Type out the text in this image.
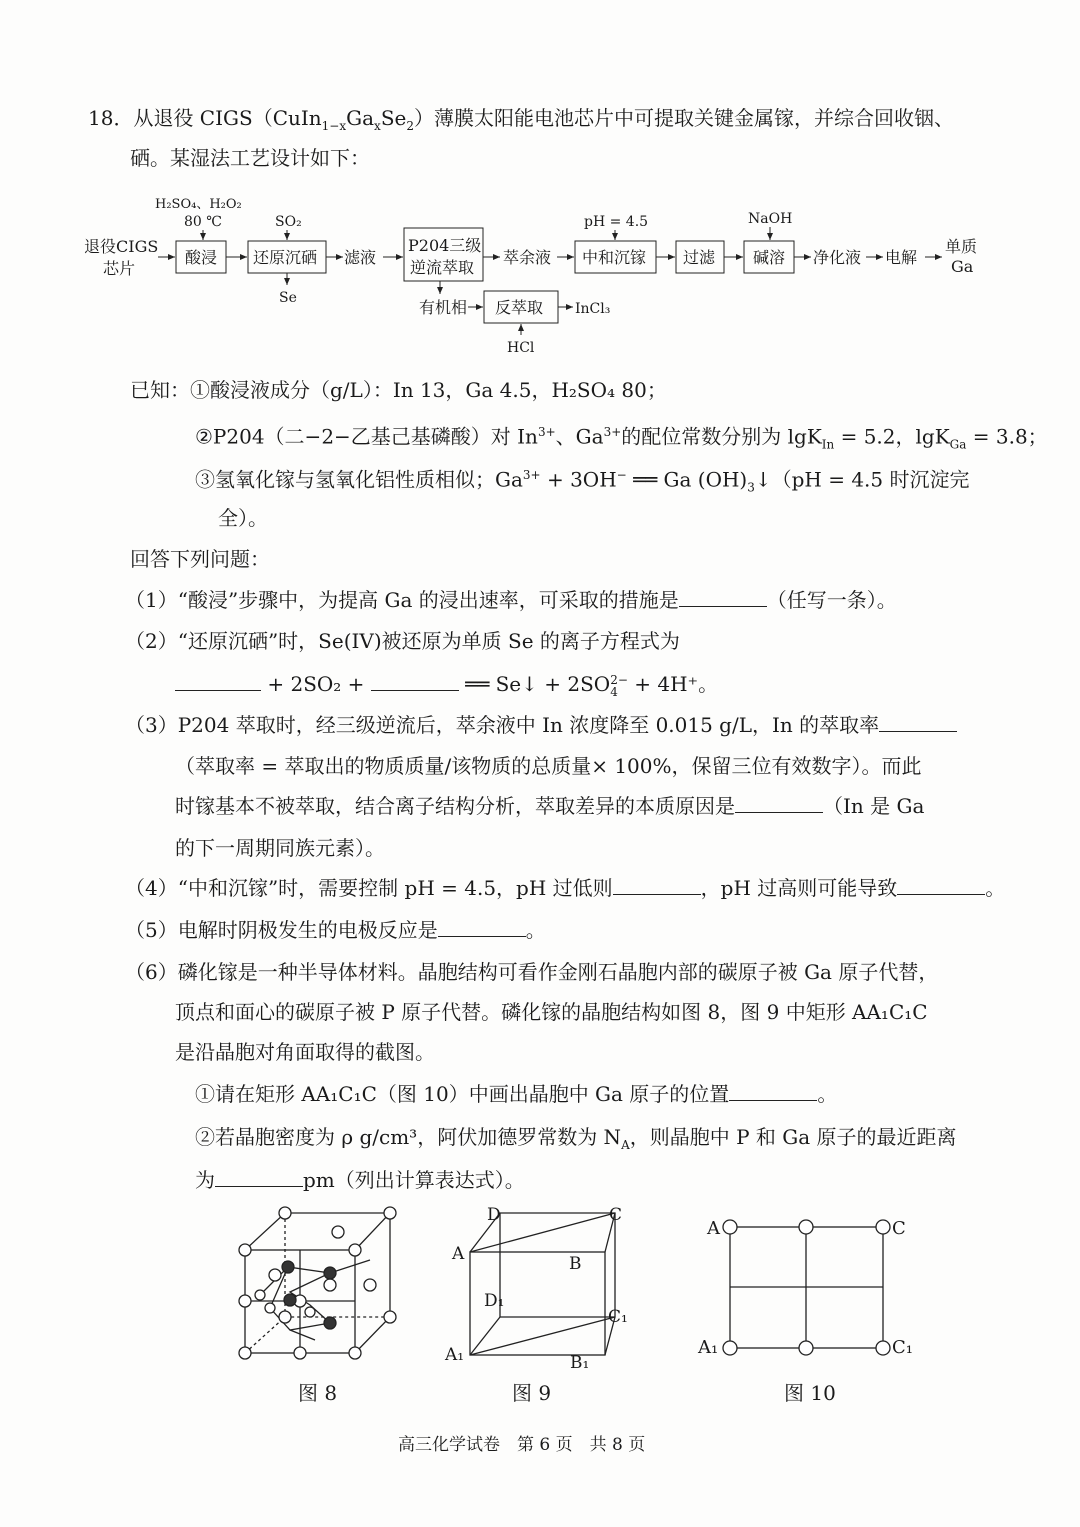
18．从退役 $CIGS(CuIn_{1-x}Ga_xSe_2)$薄膜太阳能电池芯片中可提取关键金属镓，并综合回收铟、
硒。某湿法工艺设计如下：
退役CIGS
芯片
H₂SO₄、H₂O₂
80 ℃
酸浸
SO₂
还原沉硒
Se
滤液
P204三级
逆流萃取
萃余液
pH = 4.5
中和沉镓 过滤
NaOH
碱溶 净化液 电解
单质
Ga
有机相 反萃取 InCl₃
HCl
已知：①酸浸液成分（g/L）：In 13，Ga 4.5，H₂SO₄ 80；
②P204（二−2−乙基己基磷酸）对 $In^{3+}$、$Ga^{3+}$的配位常数分别为 lgK$_{In}$ = 5.2，lgK$_{Ga}$ = 3.8；
③氢氧化镓与氢氧化铝性质相似；$Ga^{3+} + 3OH^-$ ══ Ga $(OH)_3↓(pH = 4.5$ 时沉淀完
全）。
回答下列问题：
（1）“酸浸”步骤中，为提高 Ga 的浸出速率，可采取的措施是	（任写一条）。
（2）“还原沉硒”时，Se(IV)被还原为单质 Se 的离子方程式为
+ 2SO₂ +	══ Se↓ + 2SO 2−
4 + 4H⁺。
（3）P204 萃取时，经三级逆流后，萃余液中 In 浓度降至 0.015 g/L，In 的萃取率
（萃取率 = 萃取出的物质质量/该物质的总质量× 100%，保留三位有效数字）。而此
时镓基本不被萃取，结合离子结构分析，萃取差异的本质原因是	（In 是 Ga
的下一周期同族元素）。
（4）“中和沉镓”时，需要控制 pH = 4.5，pH 过低则	，pH 过高则可能导致	。
（5）电解时阴极发生的电极反应是	。
（6）磷化镓是一种半导体材料。晶胞结构可看作金刚石晶胞内部的碳原子被 Ga 原子代替，
顶点和面心的碳原子被 P 原子代替。磷化镓的晶胞结构如图 8，图 9 中矩形 AA₁C₁C
是沿晶胞对角面取得的截图。
①请在矩形 AA₁C₁C（图 10）中画出晶胞中 Ga 原子的位置	。
②若晶胞密度为 ρ g/cm³，阿伏加德罗常数为 $N_A$，则晶胞中 P 和 Ga 原子的最近距离
为	pm（列出计算表达式）。
D	C
A	B
D₁
C₁
A₁	B₁
A	C
A₁	C₁
图 8	图 9	图 10
高三化学试卷　第 6 页　共 8 页
